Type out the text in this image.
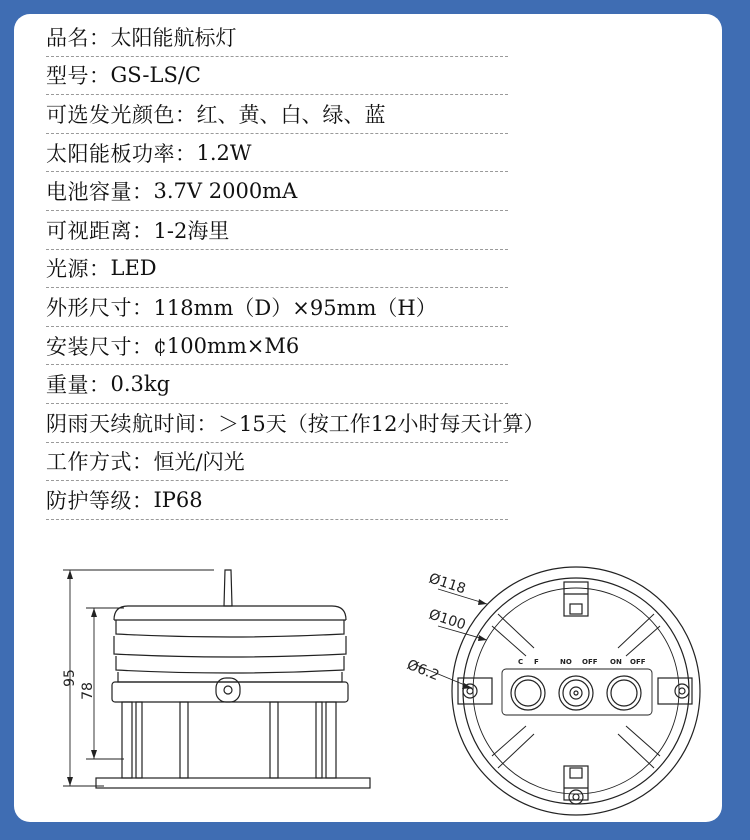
品名： 太阳能航标灯
型号： GS-LS/C
可选发光颜色： 红、黄、白、绿、蓝
太阳能板功率： 1.2W
电池容量： 3.7V 2000mA
可视距离： 1-2海里
光源： LED
外形尺寸： 118mm（D）×95mm（H）
安装尺寸： ¢100mm×M6
重量： 0.3kg
阴雨天续航时间： ＞15天（按工作12小时每天计算）
工作方式： 恒光/闪光
防护等级： IP68
95
78
C F	NO OFF ON OFF
Ø118
Ø100
Ø6.2
